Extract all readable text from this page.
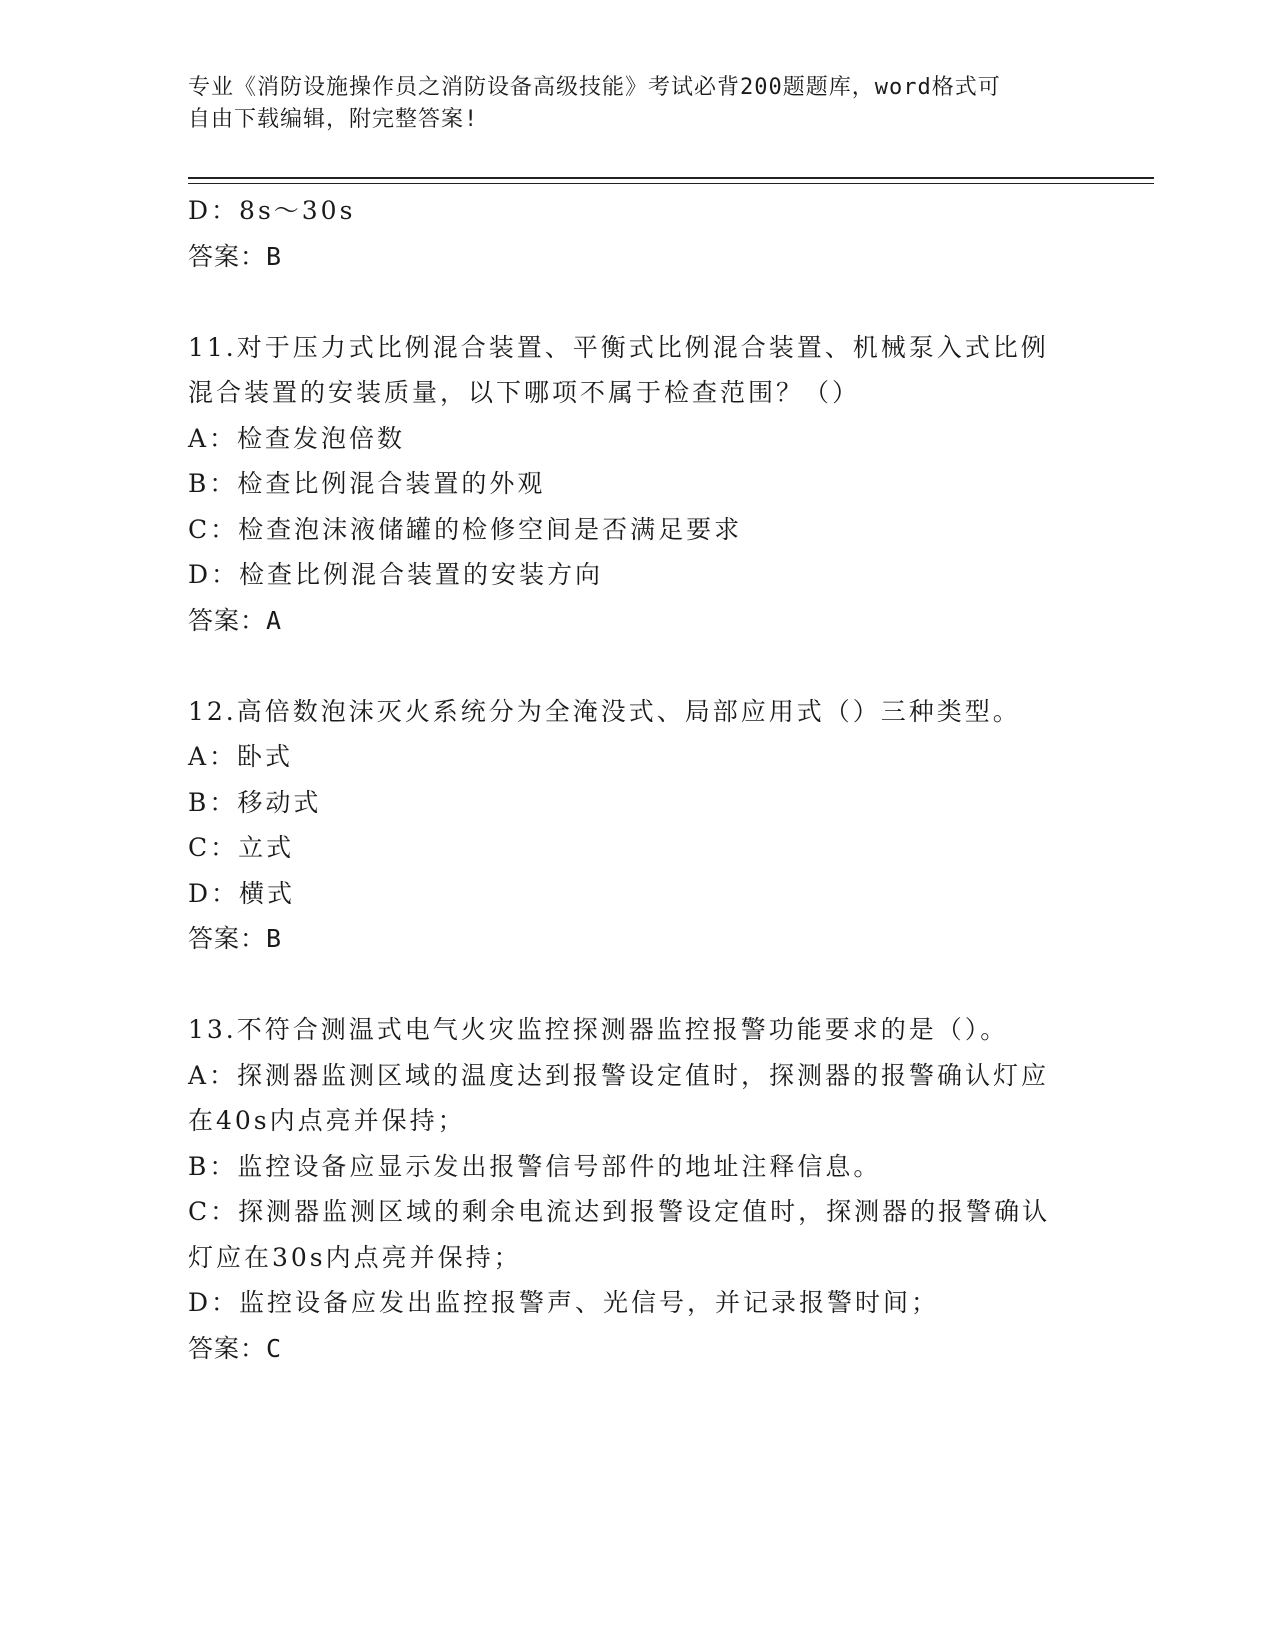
专业《消防设施操作员之消防设备高级技能》考试必背200题题库，word格式可
自由下载编辑，附完整答案!
D：8s～30s
答案：B
11.对于压力式比例混合装置、平衡式比例混合装置、机械泵入式比例
混合装置的安装质量，以下哪项不属于检查范围？（）
A：检查发泡倍数
B：检查比例混合装置的外观
C：检查泡沫液储罐的检修空间是否满足要求
D：检查比例混合装置的安装方向
答案：A
12.高倍数泡沫灭火系统分为全淹没式、局部应用式（）三种类型。
A：卧式
B：移动式
C：立式
D：横式
答案：B
13.不符合测温式电气火灾监控探测器监控报警功能要求的是（）。
A：探测器监测区域的温度达到报警设定值时，探测器的报警确认灯应
在40s内点亮并保持；
B：监控设备应显示发出报警信号部件的地址注释信息。
C：探测器监测区域的剩余电流达到报警设定值时，探测器的报警确认
灯应在30s内点亮并保持；
D：监控设备应发出监控报警声、光信号，并记录报警时间；
答案：C
